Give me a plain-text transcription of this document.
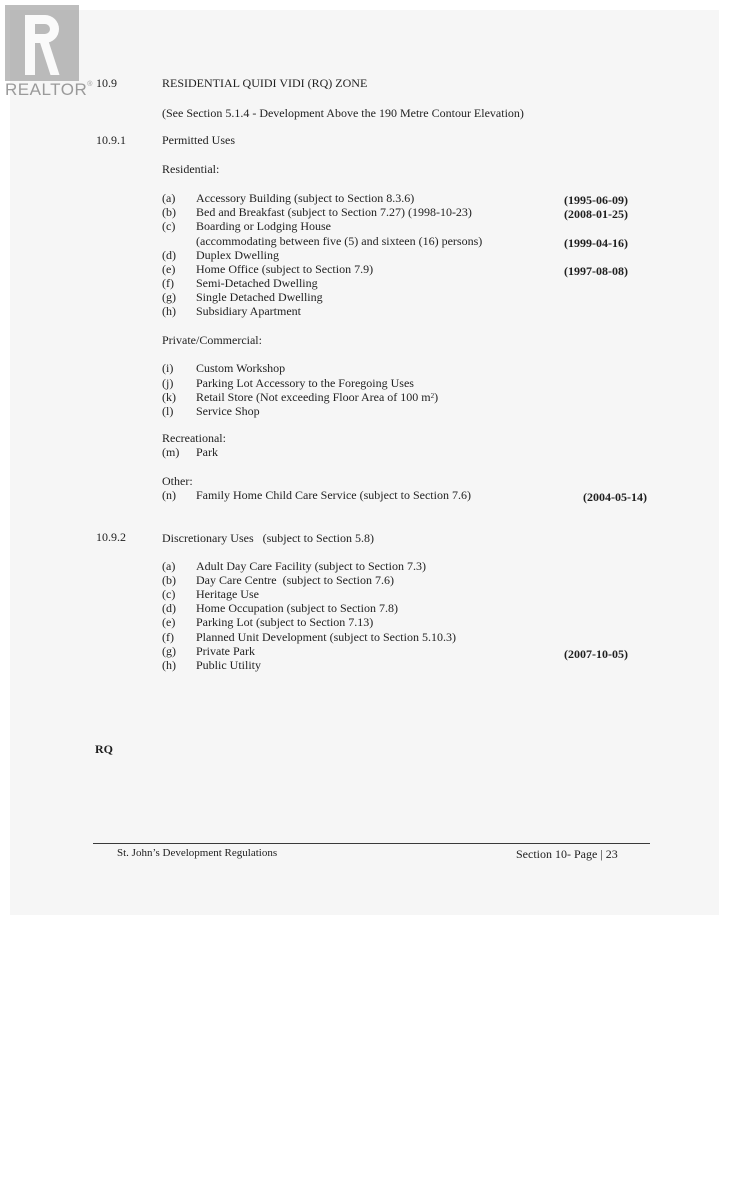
REALTOR® 10.9	RESIDENTIAL QUIDI VIDI (RQ) ZONE
(See Section 5.1.4 - Development Above the 190 Metre Contour Elevation)
10.9.1	Permitted Uses
Residential:
(a) Accessory Building (subject to Section 8.3.6)	(1995-06-09)
(b) Bed and Breakfast (subject to Section 7.27) (1998-10-23)	(2008-01-25)
(c) Boarding or Lodging House
(accommodating between five (5) and sixteen (16) persons)	(1999-04-16)
(d) Duplex Dwelling
(e) Home Office (subject to Section 7.9)	(1997-08-08)
(f) Semi-Detached Dwelling
(g) Single Detached Dwelling
(h) Subsidiary Apartment
Private/Commercial:
(i) Custom Workshop
(j) Parking Lot Accessory to the Foregoing Uses
(k) Retail Store (Not exceeding Floor Area of 100 $m^2$)
(l) Service Shop
Recreational:
(m) Park
Other:
(n) Family Home Child Care Service (subject to Section 7.6)	(2004-05-14)
10.9.2	Discretionary Uses   (subject to Section 5.8)
(a) Adult Day Care Facility (subject to Section 7.3)
(b) Day Care Centre  (subject to Section 7.6)
(c) Heritage Use
(d) Home Occupation (subject to Section 7.8)
(e) Parking Lot (subject to Section 7.13)
(f) Planned Unit Development (subject to Section 5.10.3)
(g) Private Park	(2007-10-05)
(h) Public Utility
RQ
St. John’s Development Regulations	Section 10- Page | 23
